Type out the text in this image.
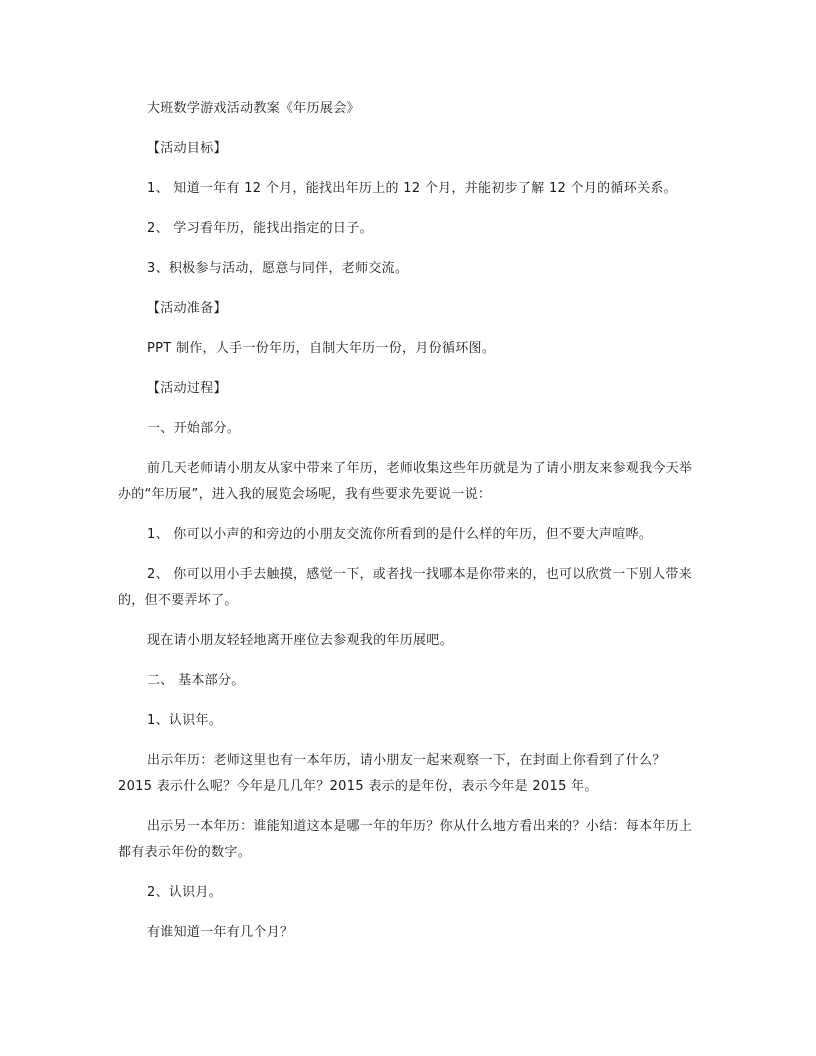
大班数学游戏活动教案《年历展会》

【活动目标】

1、 知道一年有 12 个月，能找出年历上的 12 个月，并能初步了解 12 个月的循环关系。

2、 学习看年历，能找出指定的日子。

3、积极参与活动，愿意与同伴，老师交流。

【活动准备】

PPT 制作，人手一份年历，自制大年历一份，月份循环图。

【活动过程】

一、开始部分。

前几天老师请小朋友从家中带来了年历，老师收集这些年历就是为了请小朋友来参观我今天举办的“年历展”，进入我的展览会场呢，我有些要求先要说一说：

1、 你可以小声的和旁边的小朋友交流你所看到的是什么样的年历，但不要大声喧哗。

2、 你可以用小手去触摸，感觉一下，或者找一找哪本是你带来的，也可以欣赏一下别人带来的，但不要弄坏了。

现在请小朋友轻轻地离开座位去参观我的年历展吧。

二、 基本部分。

1、认识年。

出示年历：老师这里也有一本年历，请小朋友一起来观察一下，在封面上你看到了什么？2015 表示什么呢？今年是几几年？2015 表示的是年份，表示今年是 2015 年。

出示另一本年历：谁能知道这本是哪一年的年历？你从什么地方看出来的？小结：每本年历上都有表示年份的数字。

2、认识月。

有谁知道一年有几个月？
